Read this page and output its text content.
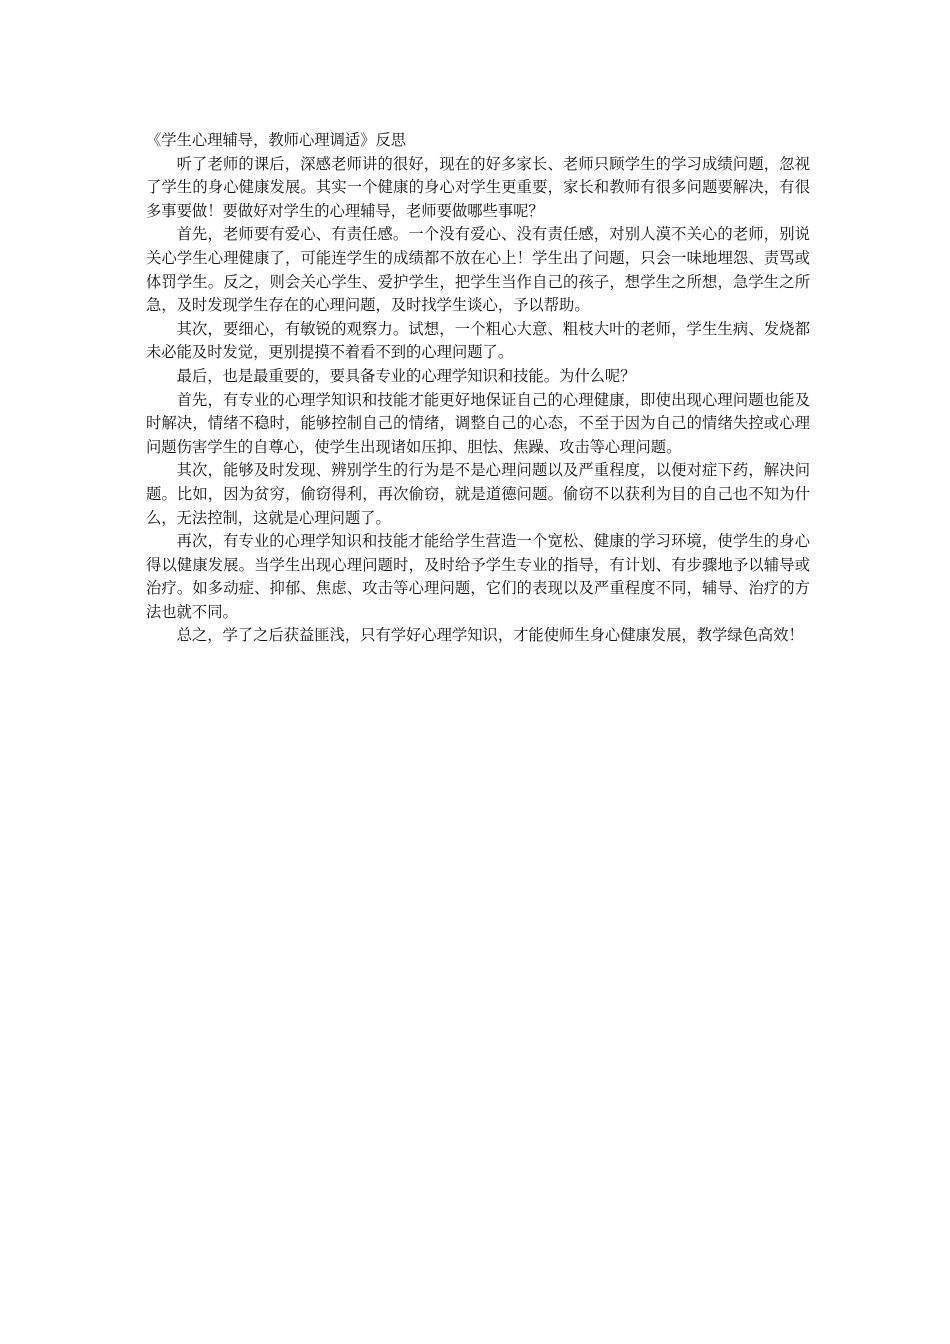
《学生心理辅导，教师心理调适》反思

听了老师的课后，深感老师讲的很好，现在的好多家长、老师只顾学生的学习成绩问题，忽视了学生的身心健康发展。其实一个健康的身心对学生更重要，家长和教师有很多问题要解决，有很多事要做！要做好对学生的心理辅导，老师要做哪些事呢？

首先，老师要有爱心、有责任感。一个没有爱心、没有责任感，对别人漠不关心的老师，别说关心学生心理健康了，可能连学生的成绩都不放在心上！学生出了问题，只会一味地埋怨、责骂或体罚学生。反之，则会关心学生、爱护学生，把学生当作自己的孩子，想学生之所想，急学生之所急，及时发现学生存在的心理问题，及时找学生谈心，予以帮助。

其次，要细心，有敏锐的观察力。试想，一个粗心大意、粗枝大叶的老师，学生生病、发烧都未必能及时发觉，更别提摸不着看不到的心理问题了。

最后，也是最重要的，要具备专业的心理学知识和技能。为什么呢？

首先，有专业的心理学知识和技能才能更好地保证自己的心理健康，即使出现心理问题也能及时解决，情绪不稳时，能够控制自己的情绪，调整自己的心态，不至于因为自己的情绪失控或心理问题伤害学生的自尊心，使学生出现诸如压抑、胆怯、焦躁、攻击等心理问题。

其次，能够及时发现、辨别学生的行为是不是心理问题以及严重程度，以便对症下药，解决问题。比如，因为贫穷，偷窃得利，再次偷窃，就是道德问题。偷窃不以获利为目的自己也不知为什么，无法控制，这就是心理问题了。

再次，有专业的心理学知识和技能才能给学生营造一个宽松、健康的学习环境，使学生的身心得以健康发展。当学生出现心理问题时，及时给予学生专业的指导，有计划、有步骤地予以辅导或治疗。如多动症、抑郁、焦虑、攻击等心理问题，它们的表现以及严重程度不同，辅导、治疗的方法也就不同。

总之，学了之后获益匪浅，只有学好心理学知识，才能使师生身心健康发展，教学绿色高效！
